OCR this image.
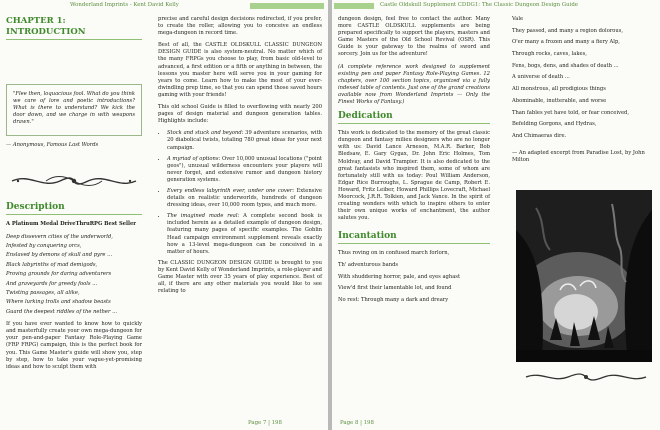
Wonderland Imprints - Kent David Kelly
CHAPTER 1:
INTRODUCTION

"Flee then, loquacious fool. What do you think we care of lore and poetic introductions? What is there to understand? We kick the door down, and we charge in with weapons drawn."

— Anonymous, Famous Last Words
Description
A Platinum Medal DriveThruRPG Best Seller
Deep dissevern cities of the underworld,
Infested by conquering orcs,
Enslaved by demons of skull and pyre ...
Black labyrinths of mad demigods,
Proving grounds for daring adventurers
And graveyards for greedy fools ...
Twisting passages, all alike,
Where lurking trolls and shadow beasts
Guard the deepest riddles of the nether ...

If you have ever wanted to know how to quickly and masterfully create your own mega-dungeon for your pen-and-paper Fantasy Role-Playing Game (FRP FRPG) campaign, this is the perfect book for you. This Game Master's guide will show you, step by step, how to take your vague-yet-promising ideas and how to sculpt them with

precise and careful design decisions redirected, if you prefer, to create the roller, allowing you to conceive an endless mega-dungeon in record time.

Best of all, the CASTLE OLDSKULL CLASSIC DUNGEON DESIGN GUIDE is also system-neutral. No matter which of the many FRPGs you choose to play, from basic old-level to advanced, a first edition or a fifth or anything in between, the lessons you master here will serve you in your gaming for years to come. Learn how to make the most of your ever-dwindling prep time, so that you can spend those saved hours gaming with your friends!

This old school Guide is filled to overflowing with nearly 200 pages of design material and dungeon generation tables. Highlights include:

• Stock and stuck and beyond: 39 adventure scenarios, with 20 diabolical twists, totaling 780 great ideas for your next campaign.
• A myriad of options: Over 10,000 unusual locations ("point geos"), unusual wilderness encounters your players will never forget, and extensive rumor and dungeon history generation systems.
• Every endless labyrinth ever, under one cover: Extensive details on realistic underworlds, hundreds of dungeon dressing ideas, over 10,000 room types, and much more.
• The imagined made real: A complete second book is included herein as a detailed example of dungeon design, featuring many pages of specific examples. The Goblin Head campaign environment supplement reveals exactly how a 13-level mega-dungeon can be conceived in a matter of hours.

The CLASSIC DUNGEON DESIGN GUIDE is brought to you by Kent David Kelly of Wonderland Imprints, a role-player and Game Master with over 35 years of play experience. Best of all, if there are any other materials you would like to see relating to

Page 7 | 198
Castle Oldskull Supplement CDDG1: The Classic Dungeon Design Guide

dungeon design, feel free to contact the author. Many more CASTLE OLDSKULL supplements are being prepared specifically to support the players, masters and Game Masters of the Old School Revival (OSR). This Guide is your gateway to the realms of sword and sorcery. Join us for the adventure!

(A complete reference work designed to supplement existing pen and paper Fantasy Role-Playing Games. 12 chapters, over 100 section topics, organized via a fully indexed table of contents. Just one of the grand creations available now from Wonderland Imprints — Only the Finest Works of Fantasy.)

Dedication

This work is dedicated to the memory of the great classic dungeon and fantasy milieu designers who are no longer with us: David Lance Arneson, M.A.R. Barker, Bob Bledsaw, E. Gary Gygax, Dr. John Eric Holmes, Tom Moldvay, and David Trampier. It is also dedicated to the great fantasists who inspired them, some of whom are fortunately still with us today: Poul William Anderson, Edgar Rice Burroughs, L. Sprague de Camp, Robert E. Howard, Fritz Leiber, Howard Phillips Lovecraft, Michael Moorcock, J.R.R. Tolkien, and Jack Vance. In the spirit of creating wonders with which to inspire others to enter their own unique works of enchantment, the author salutes you.

Incantation
Thus roving on in confused march forlorn,
Th' adventurous bands
With shuddering horror, pale, and eyes aghast
View'd first their lamentable lot, and found
No rest: Through many a dark and dreary
Vale
They passed, and many a region dolorous,
O'er many a frozen and many a fiery Alp,
Through rocks, caves, lakes,
Fens, bogs, dens, and shades of death ...
A universe of death ...
All monstrous, all prodigious things
Abominable, inutterable, and worse
Than fables yet have told, or fear conceived,
Befelding Gorgons, and Hydras,
And Chimaeras dire.
— An adapted excerpt from Paradise Lost, by John Milton
Page 8 | 198
